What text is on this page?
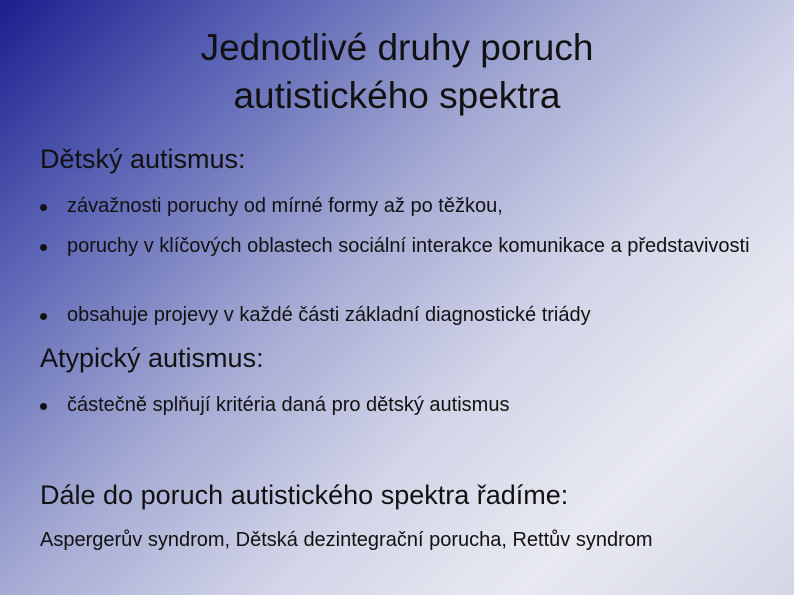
Jednotlivé druhy poruch
autistického spektra
Dětský autismus:
závažnosti poruchy od mírné formy až po těžkou,
poruchy v klíčových oblastech sociální interakce komunikace a představivosti
obsahuje projevy v každé části základní diagnostické triády
Atypický autismus:
částečně splňují kritéria daná pro dětský autismus
Dále do poruch autistického spektra řadíme:

Aspergerův syndrom, Dětská dezintegrační porucha, Rettův syndrom
